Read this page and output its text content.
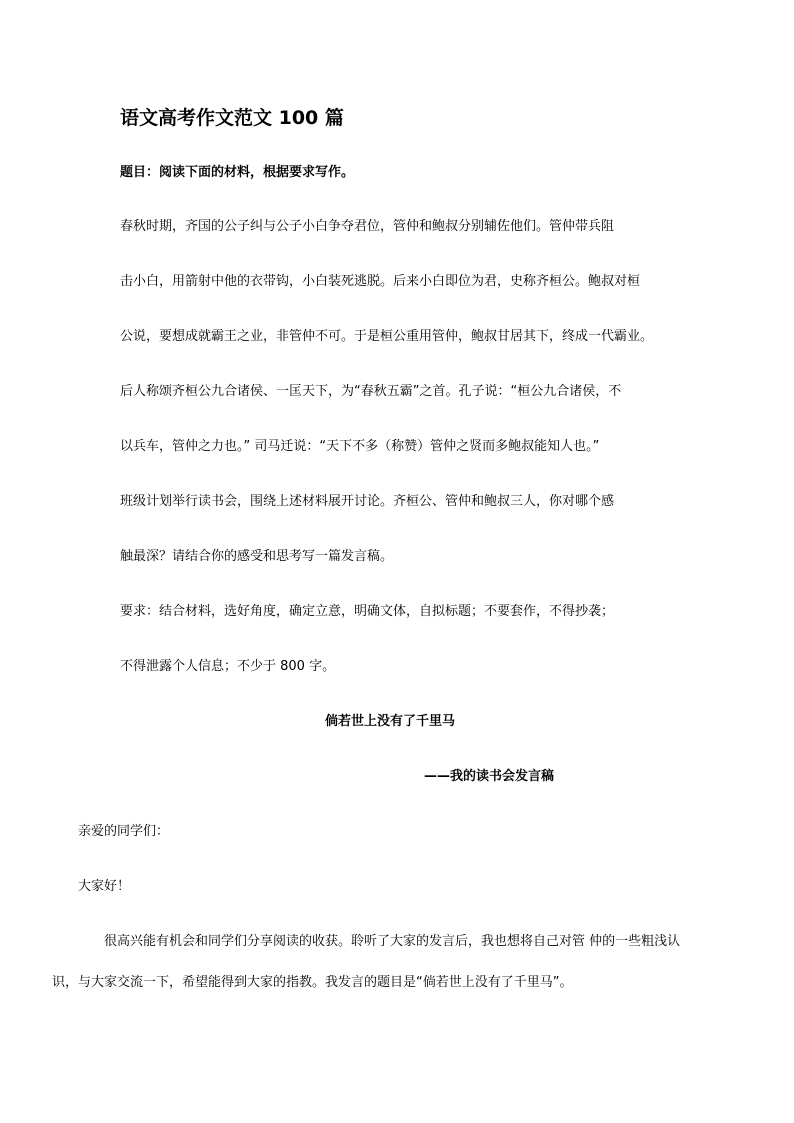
语文高考作文范文 100 篇

题目：阅读下面的材料，根据要求写作。

春秋时期，齐国的公子纠与公子小白争夺君位，管仲和鲍叔分别辅佐他们。管仲带兵阻

击小白，用箭射中他的衣带钩，小白装死逃脱。后来小白即位为君，史称齐桓公。鲍叔对桓

公说，要想成就霸王之业，非管仲不可。于是桓公重用管仲，鲍叔甘居其下，终成一代霸业。

后人称颂齐桓公九合诸侯、一匡天下，为“春秋五霸”之首。孔子说：“桓公九合诸侯，不

以兵车，管仲之力也。” 司马迁说：“天下不多（称赞）管仲之贤而多鲍叔能知人也。”

班级计划举行读书会，围绕上述材料展开讨论。齐桓公、管仲和鲍叔三人，你对哪个感

触最深？请结合你的感受和思考写一篇发言稿。

要求：结合材料，选好角度，确定立意，明确文体，自拟标题；不要套作，不得抄袭；

不得泄露个人信息；不少于 800 字。

倘若世上没有了千里马

——我的读书会发言稿

亲爱的同学们：

大家好！

很高兴能有机会和同学们分享阅读的收获。聆听了大家的发言后，我也想将自己对管 仲的一些粗浅认

识，与大家交流一下，希望能得到大家的指教。我发言的题目是“倘若世上没有了千里马”。
